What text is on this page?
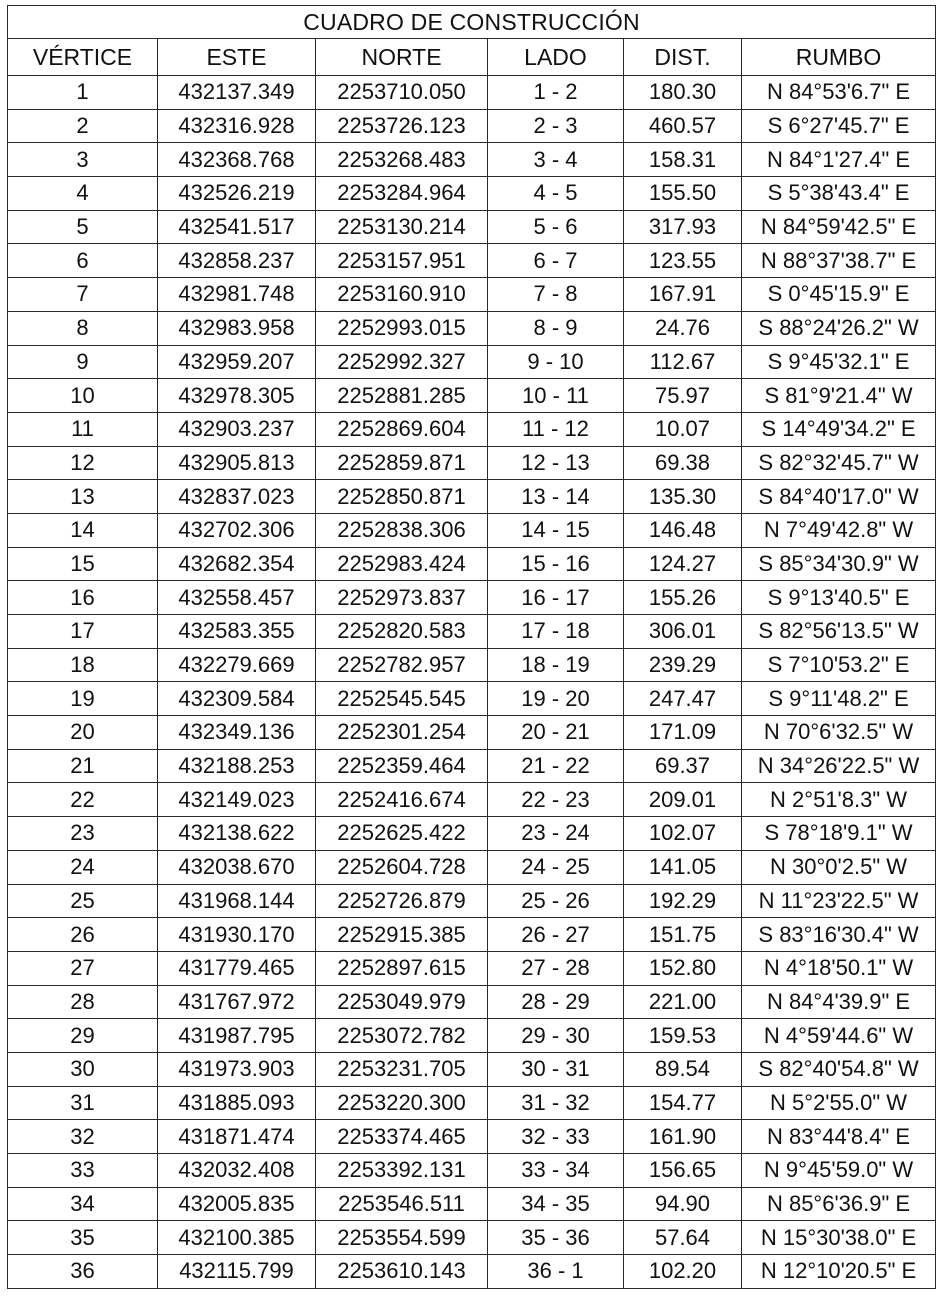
CUADRO DE CONSTRUCCIÓN					
VÉRTICE	ESTE	NORTE	LADO	DIST.	RUMBO
1	432137.349	2253710.050	1 - 2	180.30	N 84°53'6.7" E
2	432316.928	2253726.123	2 - 3	460.57	S 6°27'45.7" E
3	432368.768	2253268.483	3 - 4	158.31	N 84°1'27.4" E
4	432526.219	2253284.964	4 - 5	155.50	S 5°38'43.4" E
5	432541.517	2253130.214	5 - 6	317.93	N 84°59'42.5" E
6	432858.237	2253157.951	6 - 7	123.55	N 88°37'38.7" E
7	432981.748	2253160.910	7 - 8	167.91	S 0°45'15.9" E
8	432983.958	2252993.015	8 - 9	24.76	S 88°24'26.2" W
9	432959.207	2252992.327	9 - 10	112.67	S 9°45'32.1" E
10	432978.305	2252881.285	10 - 11	75.97	S 81°9'21.4" W
11	432903.237	2252869.604	11 - 12	10.07	S 14°49'34.2" E
12	432905.813	2252859.871	12 - 13	69.38	S 82°32'45.7" W
13	432837.023	2252850.871	13 - 14	135.30	S 84°40'17.0" W
14	432702.306	2252838.306	14 - 15	146.48	N 7°49'42.8" W
15	432682.354	2252983.424	15 - 16	124.27	S 85°34'30.9" W
16	432558.457	2252973.837	16 - 17	155.26	S 9°13'40.5" E
17	432583.355	2252820.583	17 - 18	306.01	S 82°56'13.5" W
18	432279.669	2252782.957	18 - 19	239.29	S 7°10'53.2" E
19	432309.584	2252545.545	19 - 20	247.47	S 9°11'48.2" E
20	432349.136	2252301.254	20 - 21	171.09	N 70°6'32.5" W
21	432188.253	2252359.464	21 - 22	69.37	N 34°26'22.5" W
22	432149.023	2252416.674	22 - 23	209.01	N 2°51'8.3" W
23	432138.622	2252625.422	23 - 24	102.07	S 78°18'9.1" W
24	432038.670	2252604.728	24 - 25	141.05	N 30°0'2.5" W
25	431968.144	2252726.879	25 - 26	192.29	N 11°23'22.5" W
26	431930.170	2252915.385	26 - 27	151.75	S 83°16'30.4" W
27	431779.465	2252897.615	27 - 28	152.80	N 4°18'50.1" W
28	431767.972	2253049.979	28 - 29	221.00	N 84°4'39.9" E
29	431987.795	2253072.782	29 - 30	159.53	N 4°59'44.6" W
30	431973.903	2253231.705	30 - 31	89.54	S 82°40'54.8" W
31	431885.093	2253220.300	31 - 32	154.77	N 5°2'55.0" W
32	431871.474	2253374.465	32 - 33	161.90	N 83°44'8.4" E
33	432032.408	2253392.131	33 - 34	156.65	N 9°45'59.0" W
34	432005.835	2253546.511	34 - 35	94.90	N 85°6'36.9" E
35	432100.385	2253554.599	35 - 36	57.64	N 15°30'38.0" E
36	432115.799	2253610.143	36 - 1	102.20	N 12°10'20.5" E
